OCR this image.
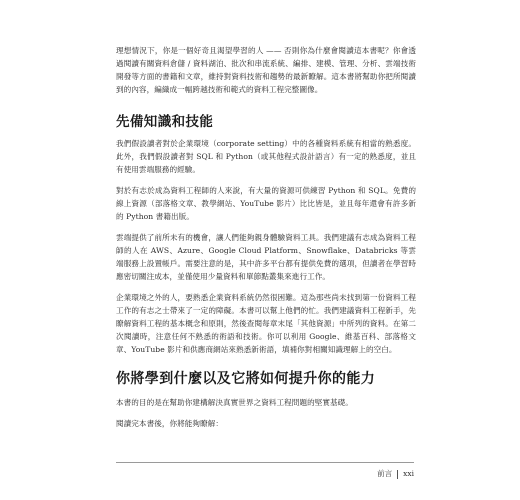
理想情況下，你是一個好奇且渴望學習的人 —— 否則你為什麼會閱讀這本書呢？你會透過閱讀有關資料倉儲 / 資料湖泊、批次和串流系統、編排、建模、管理、分析、雲端技術開發等方面的書籍和文章，維持對資料技術和趨勢的最新瞭解。這本書將幫助你把所閱讀到的內容，編織成一幅跨越技術和範式的資料工程完整圖像。

先備知識和技能

我們假設讀者對於企業環境（corporate setting）中的各種資料系統有相當的熟悉度。此外，我們假設讀者對 SQL 和 Python（或其他程式設計語言）有一定的熟悉度，並且有使用雲端服務的經驗。

對於有志於成為資料工程師的人來說，有大量的資源可供練習 Python 和 SQL。免費的線上資源（部落格文章、教學網站、YouTube 影片）比比皆是，並且每年還會有許多新的 Python 書籍出版。

雲端提供了前所未有的機會，讓人們能夠親身體驗資料工具。我們建議有志成為資料工程師的人在 AWS、Azure、Google Cloud Platform、Snowflake、Databricks 等雲端服務上設置帳戶。需要注意的是，其中許多平台都有提供免費的選項，但讀者在學習時應密切關注成本，並僅使用少量資料和單節點叢集來進行工作。

企業環境之外的人，要熟悉企業資料系統仍然很困難。這為那些尚未找到第一份資料工程工作的有志之士帶來了一定的障礙。本書可以幫上他們的忙。我們建議資料工程新手，先瞭解資料工程的基本概念和原則，然後查閱每章末尾「其他資源」中所列的資料。在第二次閱讀時，注意任何不熟悉的術語和技術。你可以利用 Google、維基百科、部落格文章、YouTube 影片和供應商網站來熟悉新術語，填補你對相關知識理解上的空白。

你將學到什麼以及它將如何提升你的能力

本書的目的是在幫助你建構解決真實世界之資料工程問題的堅實基礎。

閱讀完本書後，你將能夠瞭解：

前言 xxi
